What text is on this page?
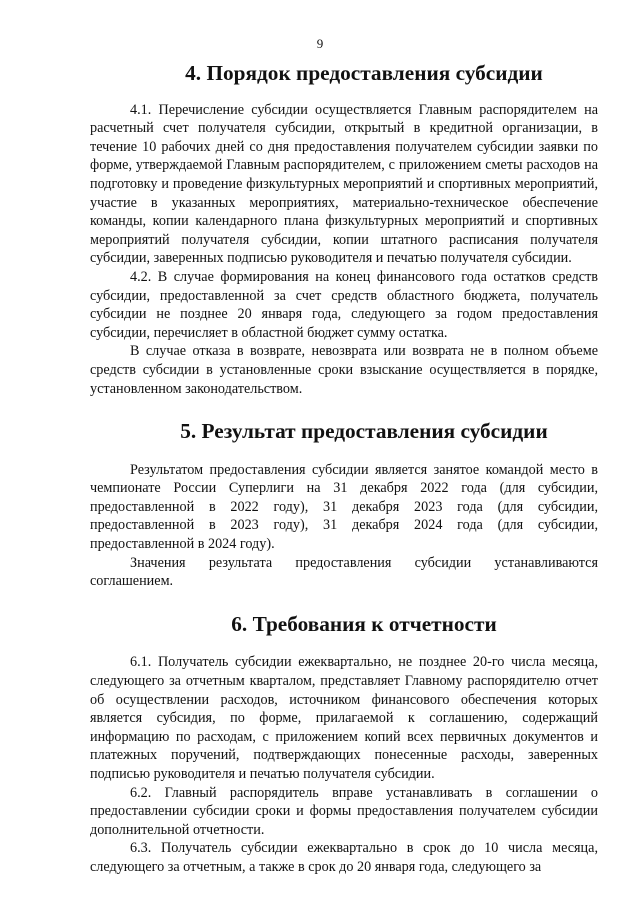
9
4. Порядок предоставления субсидии

4.1. Перечисление субсидии осуществляется Главным распорядителем на расчетный счет получателя субсидии, открытый в кредитной организации, в течение 10 рабочих дней со дня предоставления получателем субсидии заявки по форме, утверждаемой Главным распорядителем, с приложением сметы расходов на подготовку и проведение физкультурных мероприятий и спортивных мероприятий, участие в указанных мероприятиях, материально-техническое обеспечение команды, копии календарного плана физкультурных мероприятий и спортивных мероприятий получателя субсидии, копии штатного расписания получателя субсидии, заверенных подписью руководителя и печатью получателя субсидии.

4.2. В случае формирования на конец финансового года остатков средств субсидии, предоставленной за счет средств областного бюджета, получатель субсидии не позднее 20 января года, следующего за годом предоставления субсидии, перечисляет в областной бюджет сумму остатка.

В случае отказа в возврате, невозврата или возврата не в полном объеме средств субсидии в установленные сроки взыскание осуществляется в порядке, установленном законодательством.

5. Результат предоставления субсидии

Результатом предоставления субсидии является занятое командой место в чемпионате России Суперлиги на 31 декабря 2022 года (для субсидии, предоставленной в 2022 году), 31 декабря 2023 года (для субсидии, предоставленной в 2023 году), 31 декабря 2024 года (для субсидии, предоставленной в 2024 году).

Значения результата предоставления субсидии устанавливаются соглашением.

6. Требования к отчетности

6.1. Получатель субсидии ежеквартально, не позднее 20-го числа месяца, следующего за отчетным кварталом, представляет Главному распорядителю отчет об осуществлении расходов, источником финансового обеспечения которых является субсидия, по форме, прилагаемой к соглашению, содержащий информацию по расходам, с приложением копий всех первичных документов и платежных поручений, подтверждающих понесенные расходы, заверенных подписью руководителя и печатью получателя субсидии.

6.2. Главный распорядитель вправе устанавливать в соглашении о предоставлении субсидии сроки и формы предоставления получателем субсидии дополнительной отчетности.

6.3. Получатель субсидии ежеквартально в срок до 10 числа месяца, следующего за отчетным, а также в срок до 20 января года, следующего за
